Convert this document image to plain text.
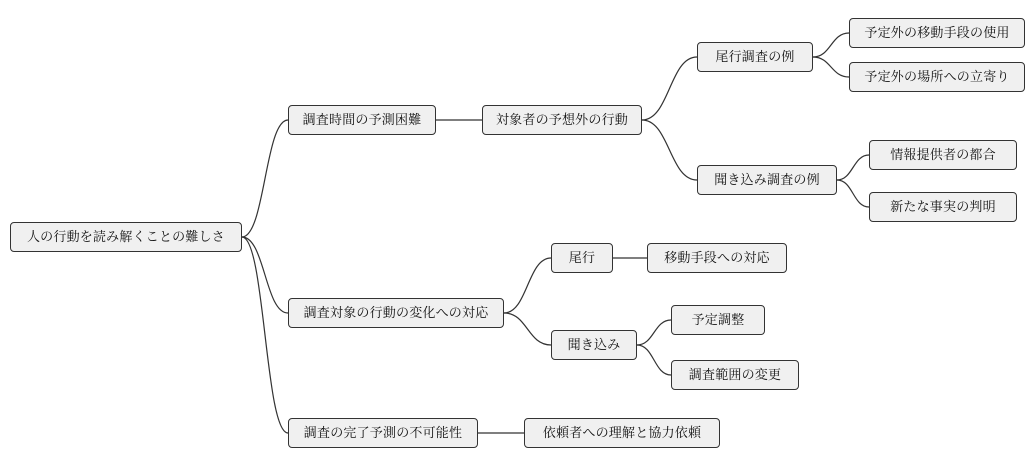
人の行動を読み解くことの難しさ
調査時間の予測困難
調査対象の行動の変化への対応
調査の完了予測の不可能性
対象者の予想外の行動
尾行調査の例
聞き込み調査の例
予定外の移動手段の使用
予定外の場所への立寄り
情報提供者の都合
新たな事実の判明
尾行
聞き込み
移動手段への対応
予定調整
調査範囲の変更
依頼者への理解と協力依頼
